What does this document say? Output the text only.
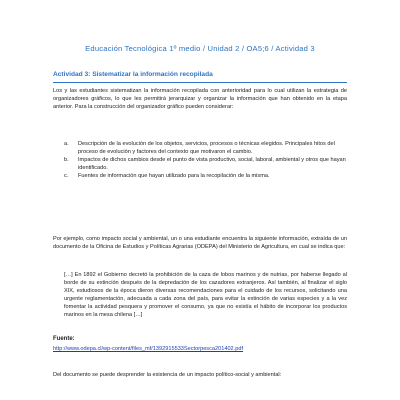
Educación Tecnológica 1º medio / Unidad 2 / OA5;6 / Actividad 3
Actividad 3: Sistematizar la información recopilada

Los y las estudiantes sistematizan la información recopilada con anterioridad para lo cual utilizan la estrategia de organizadores gráficos, lo que les permitirá jerarquizar y organizar la información que han obtenido en la etapa anterior. Para la construcción del organizador gráfico pueden considerar:

a. Descripción de la evolución de los objetos, servicios, procesos o técnicas elegidos. Principales hitos del proceso de evolución y factores del contexto que motivaron el cambio.
b. Impactos de dichos cambios desde el punto de vista productivo, social, laboral, ambiental y otros que hayan identificado.
c. Fuentes de información que hayan utilizado para la recopilación de la misma.

Por ejemplo, como impacto social y ambiental, un o una estudiante encuentra la siguiente información, extraída de un documento de la Oficina de Estudios y Políticas Agrarias (ODEPA) del Ministerio de Agricultura, en cual se indica que:

[…] En 1892 el Gobierno decretó la prohibición de la caza de lobos marinos y de nutrias, por haberse llegado al borde de su extinción después de la depredación de los cazadores extranjeros. Así también, al finalizar el siglo XIX, estudiosos de la época dieron diversas recomendaciones para el cuidado de los recursos, solicitando una urgente reglamentación, adecuada a cada zona del país, para evitar la extinción de varias especies y a la vez fomentar la actividad pesquera y promover el consumo, ya que no existía el hábito de incorporar los productos marinos en la mesa chilena […]

Fuente:
http://www.odepa.cl/wp-content/files_mf/1392915533Sectorpesca201402.pdf

Del documento se puede desprender la existencia de un impacto político-social y ambiental:
